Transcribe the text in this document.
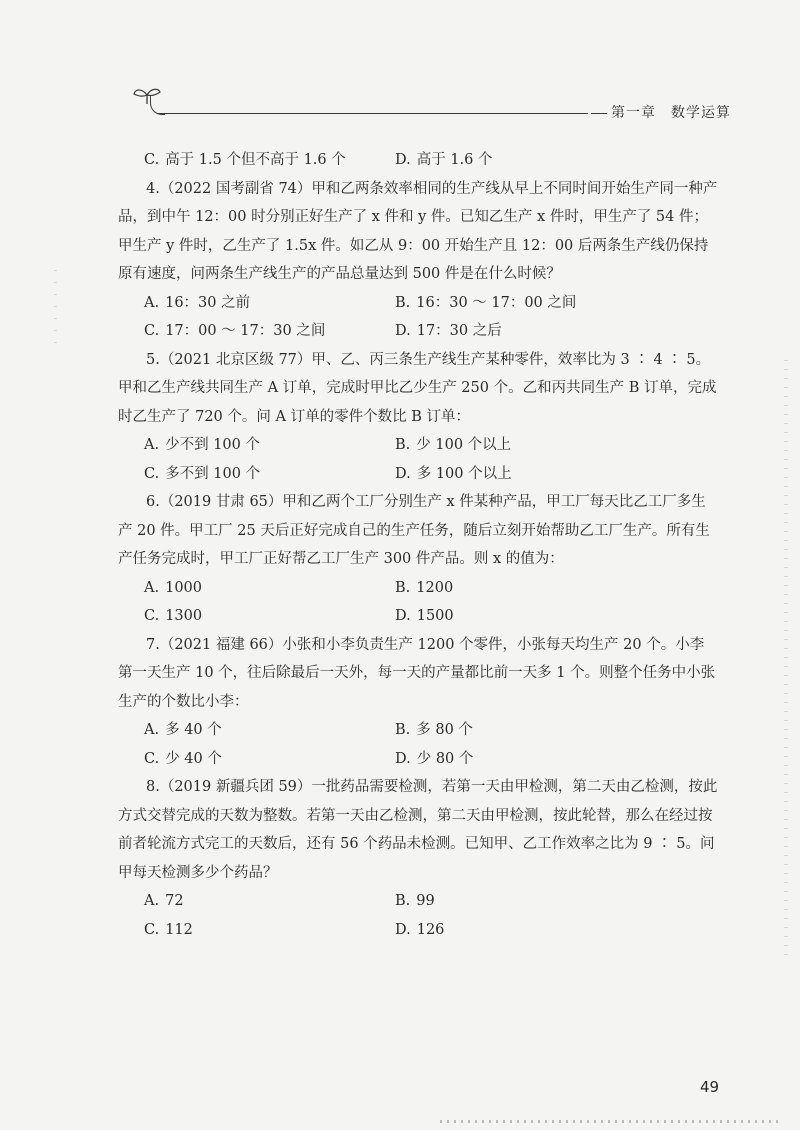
第一章　数学运算
C. 高于 1.5 个但不高于 1.6 个	D. 高于 1.6 个

4.（2022 国考副省 74）甲和乙两条效率相同的生产线从早上不同时间开始生产同一种产品，到中午 12：00 时分别正好生产了 x 件和 y 件。已知乙生产 x 件时，甲生产了 54 件；甲生产 y 件时，乙生产了 1.5x 件。如乙从 9：00 开始生产且 12：00 后两条生产线仍保持原有速度，问两条生产线生产的产品总量达到 500 件是在什么时候？

A. 16：30 之前	B. 16：30 ～ 17：00 之间
C. 17：00 ～ 17：30 之间	D. 17：30 之后

5.（2021 北京区级 77）甲、乙、丙三条生产线生产某种零件，效率比为 3 ∶ 4 ∶ 5。甲和乙生产线共同生产 A 订单，完成时甲比乙少生产 250 个。乙和丙共同生产 B 订单，完成时乙生产了 720 个。问 A 订单的零件个数比 B 订单：

A. 少不到 100 个	B. 少 100 个以上
C. 多不到 100 个	D. 多 100 个以上

6.（2019 甘肃 65）甲和乙两个工厂分别生产 x 件某种产品，甲工厂每天比乙工厂多生产 20 件。甲工厂 25 天后正好完成自己的生产任务，随后立刻开始帮助乙工厂生产。所有生产任务完成时，甲工厂正好帮乙工厂生产 300 件产品。则 x 的值为：

A. 1000	B. 1200
C. 1300	D. 1500

7.（2021 福建 66）小张和小李负责生产 1200 个零件，小张每天均生产 20 个。小李第一天生产 10 个，往后除最后一天外，每一天的产量都比前一天多 1 个。则整个任务中小张生产的个数比小李：

A. 多 40 个	B. 多 80 个
C. 少 40 个	D. 少 80 个

8.（2019 新疆兵团 59）一批药品需要检测，若第一天由甲检测，第二天由乙检测，按此方式交替完成的天数为整数。若第一天由乙检测，第二天由甲检测，按此轮替，那么在经过按前者轮流方式完工的天数后，还有 56 个药品未检测。已知甲、乙工作效率之比为 9 ∶ 5。问甲每天检测多少个药品？

A. 72	B. 99
C. 112	D. 126
49
